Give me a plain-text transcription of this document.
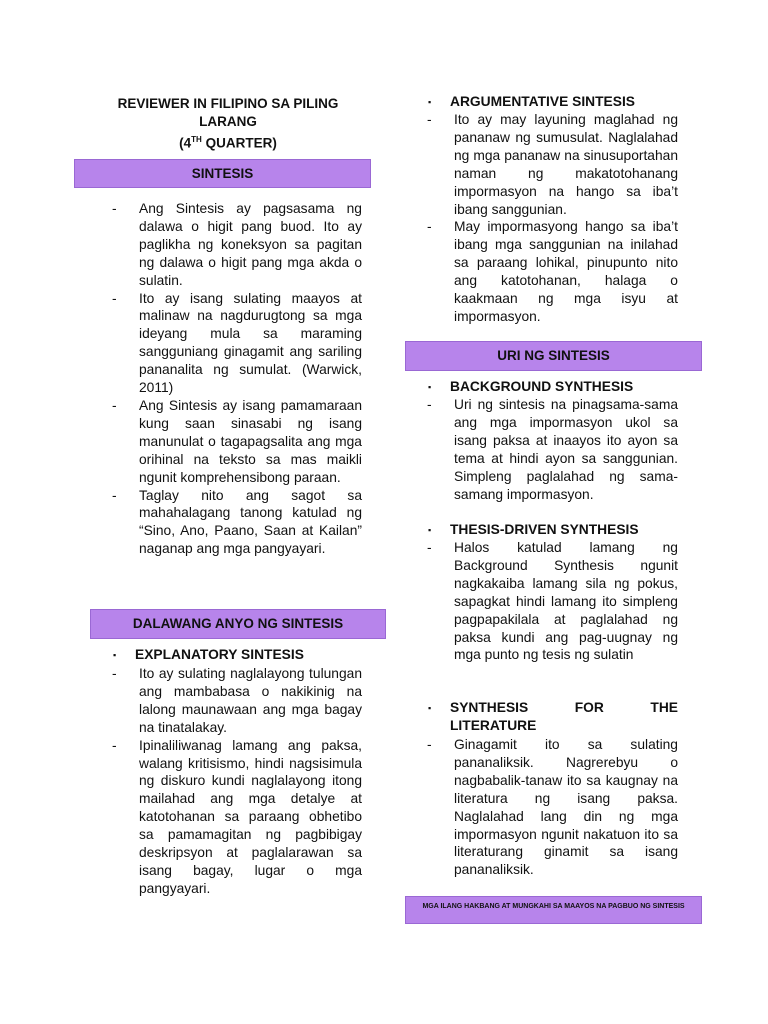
REVIEWER IN FILIPINO SA PILING LARANG
(4TH QUARTER)
SINTESIS
- Ang Sintesis ay pagsasama ng dalawa o higit pang buod. Ito ay paglikha ng koneksyon sa pagitan ng dalawa o higit pang mga akda o sulatin.
- Ito ay isang sulating maayos at malinaw na nagdurugtong sa mga ideyang mula sa maraming sangguniang ginagamit ang sariling pananalita ng sumulat. (Warwick, 2011)
- Ang Sintesis ay isang pamamaraan kung saan sinasabi ng isang manunulat o tagapagsalita ang mga orihinal na teksto sa mas maikli ngunit komprehensibong paraan.
- Taglay nito ang sagot sa mahahalagang tanong katulad ng “Sino, Ano, Paano, Saan at Kailan” naganap ang mga pangyayari.
DALAWANG ANYO NG SINTESIS
▪ EXPLANATORY SINTESIS
- Ito ay sulating naglalayong tulungan ang mambabasa o nakikinig na lalong maunawaan ang mga bagay na tinatalakay.
- Ipinaliliwanag lamang ang paksa, walang kritisismo, hindi nagsisimula ng diskuro kundi naglalayong itong mailahad ang mga detalye at katotohanan sa paraang obhetibo sa pamamagitan ng pagbibigay deskripsyon at paglalarawan sa isang bagay, lugar o mga pangyayari.
▪ ARGUMENTATIVE SINTESIS
- Ito ay may layuning maglahad ng pananaw ng sumusulat. Naglalahad ng mga pananaw na sinusuportahan naman ng makatotohanang impormasyon na hango sa iba’t ibang sanggunian.
- May impormasyong hango sa iba’t ibang mga sanggunian na inilahad sa paraang lohikal, pinupunto nito ang katotohanan, halaga o kaakmaan ng mga isyu at impormasyon.
URI NG SINTESIS
▪ BACKGROUND SYNTHESIS
- Uri ng sintesis na pinagsama-sama ang mga impormasyon ukol sa isang paksa at inaayos ito ayon sa tema at hindi ayon sa sanggunian. Simpleng paglalahad ng sama-samang impormasyon.
▪ THESIS-DRIVEN SYNTHESIS
- Halos katulad lamang ng Background Synthesis ngunit nagkakaiba lamang sila ng pokus, sapagkat hindi lamang ito simpleng pagpapakilala at paglalahad ng paksa kundi ang pag-uugnay ng mga punto ng tesis ng sulatin
▪ SYNTHESIS FOR THE
LITERATURE
- Ginagamit ito sa sulating pananaliksik. Nagrerebyu o nagbabalik-tanaw ito sa kaugnay na literatura ng isang paksa. Naglalahad lang din ng mga impormasyon ngunit nakatuon ito sa literaturang ginamit sa isang pananaliksik.
MGA ILANG HAKBANG AT MUNGKAHI SA MAAYOS NA PAGBUO NG SINTESIS
